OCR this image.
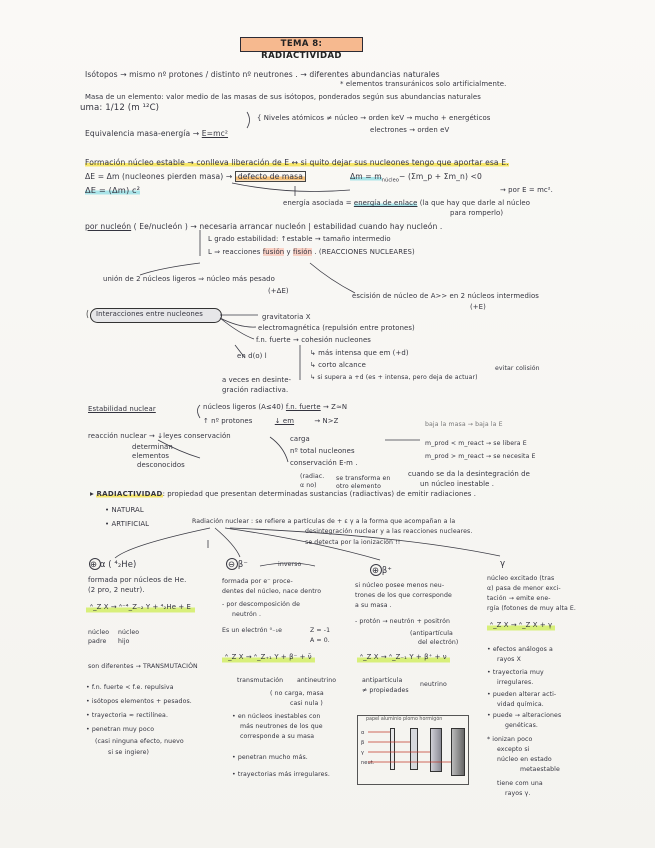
TEMA 8: RADIACTIVIDAD
Isótopos → mismo nº protones / distinto nº neutrones . → diferentes abundancias naturales
* elementos transuránicos solo artificialmente.
Masa de un elemento: valor medio de las masas de sus isótopos, ponderados según sus abundancias naturales
uma: 1/12 (m ¹²C)
{ Niveles atómicos ≠ núcleo → orden keV → mucho + energéticos
electrones → orden eV
Equivalencia masa-energía → E=mc²
Formación núcleo estable → conlleva liberación de E ↔ si quito dejar sus nucleones tengo que aportar esa E.
ΔE = Δm (nucleones pierden masa) → defecto de masa	$\Delta m = m_{núcleo}-$ (Σm_p + Σm_n) <0
ΔE = (Δm) c²	→ por E = mc².
energía asociada = energía de enlace (la que hay que darle al núcleo
para romperlo)
por nucleón ( Ee/nucleón ) → necesaria arrancar nucleón | estabilidad cuando hay nucleón .
L grado estabilidad: ↑estable → tamaño intermedio
L ⇒ reacciones fusión y fisión . (REACCIONES NUCLEARES)
unión de 2 núcleos ligeros ⇒ núcleo más pesado
(+ΔE)
escisión de núcleo de A>> en 2 núcleos intermedios
(+E)
Interacciones entre nucleones	gravitatoria X
electromagnética (repulsión entre protones)
f.n. fuerte → cohesión nucleones
↳ más intensa que em (+d)
↳ corto alcance
↳ si supera a +d (es + intensa, pero deja de actuar)
en d(o) l
a veces en desinte-
gración radiactiva.
evitar colisión
Estabilidad nuclear	núcleos ligeros (A≤40) f.n. fuerte → Z≈N
↑ nº protones	↓ em	→ N>Z	baja la masa → baja la E
reacción nuclear → ↓leyes conservación	carga
nº total nucleones
conservación E-m .
m_prod < m_react → se libera E
m_prod > m_react → se necesita E
determinan
elementos
desconocidos
(radiac.
α no)
se transforma en
otro elemento
cuando se da la desintegración de
un núcleo inestable .
▸ RADIACTIVIDAD: propiedad que presentan determinadas sustancias (radiactivas) de emitir radiaciones .
• NATURAL
• ARTIFICIAL	Radiación nuclear : se refiere a partículas de + ε γ a la forma que acompañan a la
desintegración nuclear y a las reacciones nucleares.
se detecta por la ionización !!
⊕ α ( ⁴₂He)
formada por núcleos de He.
(2 pro, 2 neutr).
ᴬ_Z X → ᴬ⁻⁴_Z₋₂ Y + ⁴₂He + E
núcleo
padre
núcleo
hijo
son diferentes → TRANSMUTACIÓN
• f.n. fuerte < f.e. repulsiva
• isótopos elementos + pesados.
• trayectoria ≈ rectilínea.
• penetran muy poco
(casi ninguna efecto, nuevo
si se ingiere)
⊖ β⁻	inverso
formada por e⁻ proce-
dentes del núcleo, nace dentro
- por descomposición de
neutrón .
Es un electrón ⁰₋₁e	Z = -1
A = 0.
ᴬ_Z X → ᴬ_Z₊₁ Y + β⁻ + ν̄
transmutación antineutrino
( no carga, masa
casi nula )
• en núcleos inestables con
más neutrones de los que
corresponde a su masa
• penetran mucho más.
• trayectorias más irregulares.
⊕ β⁺
si núcleo posee menos neu-
trones de los que corresponde
a su masa .
- protón → neutrón + positrón
(antipartícula
del electrón)
ᴬ_Z X → ᴬ_Z₋₁ Y + β⁺ + ν
antipartícula
≠ propiedades
neutrino
papel aluminio plomo hormigón
α
β
γ
neut.
γ
núcleo excitado (tras
α) pasa de menor exci-
tación → emite ene-
rgía (fotones de muy alta E.
ᴬ_Z X → ᴬ_Z X + γ
• efectos análogos a
rayos X
• trayectoria muy
irregulares.
• pueden alterar acti-
vidad química.
• puede → alteraciones
genéticas.
* ionizan poco
excepto si
núcleo en estado
metaestable
tiene com una
rayos γ.
